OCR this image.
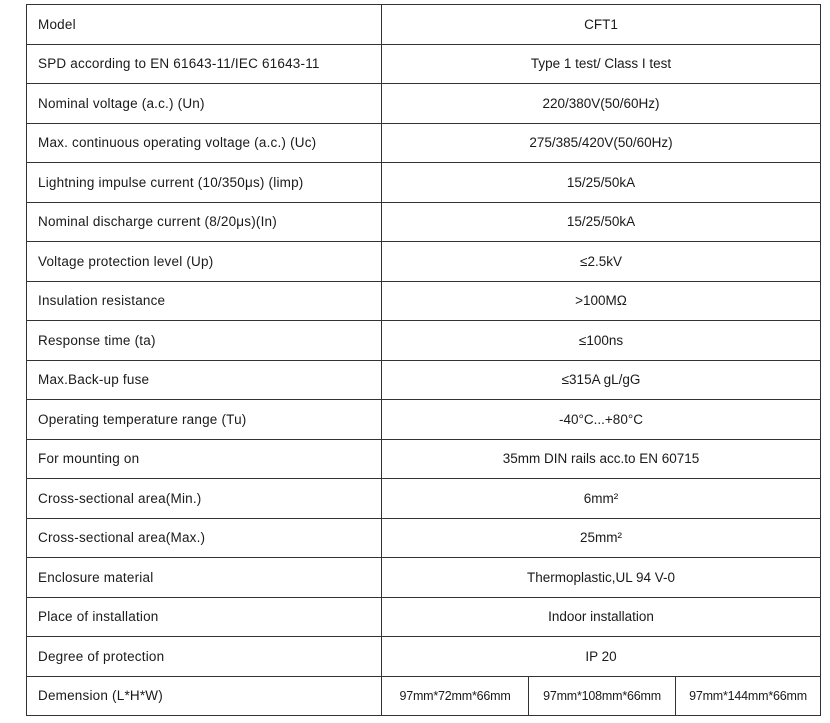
Model	CFT1		
SPD according to EN 61643-11/IEC 61643-11	Type 1 test/ Class I test		
Nominal voltage (a.c.) (Un)	220/380V(50/60Hz)		
Max. continuous operating voltage (a.c.) (Uc)	275/385/420V(50/60Hz)		
Lightning impulse current (10/350μs) (limp)	15/25/50kA		
Nominal discharge current (8/20μs)(In)	15/25/50kA		
Voltage protection level (Up)	≤2.5kV		
Insulation resistance	>100MΩ		
Response time (ta)	≤100ns		
Max.Back-up fuse	≤315A gL/gG		
Operating temperature range (Tu)	-40°C...+80°C		
For mounting on	35mm DIN rails acc.to EN 60715		
Cross-sectional area(Min.)	6mm²		
Cross-sectional area(Max.)	25mm²		
Enclosure material	Thermoplastic,UL 94 V-0		
Place of installation	Indoor installation		
Degree of protection	IP 20		
Demension (L*H*W)	97mm*72mm*66mm	97mm*108mm*66mm	97mm*144mm*66mm
